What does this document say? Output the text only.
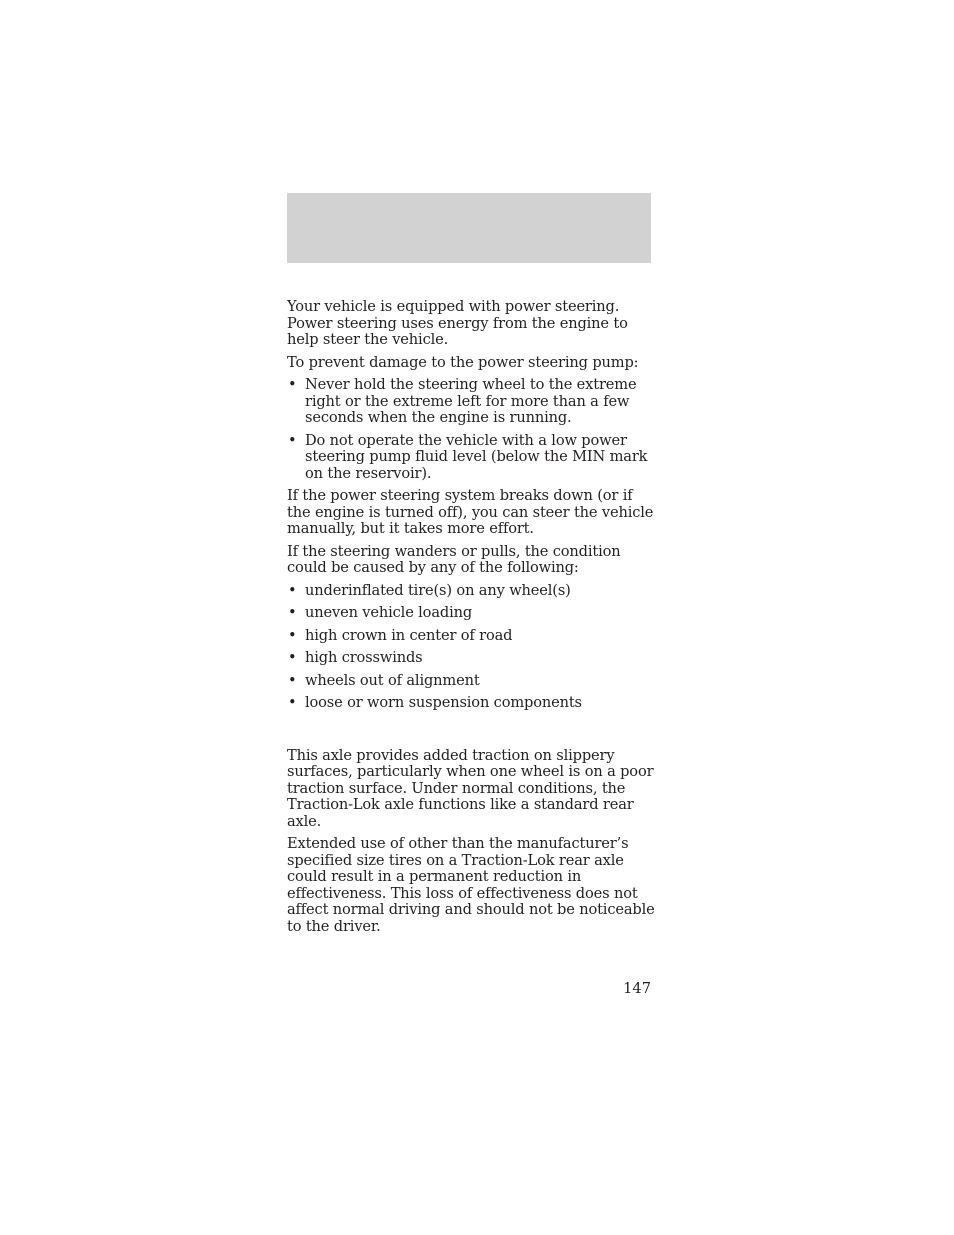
Your vehicle is equipped with power steering. Power steering uses energy from the engine to help steer the vehicle.

To prevent damage to the power steering pump:

• Never hold the steering wheel to the extreme right or the extreme left for more than a few seconds when the engine is running.
• Do not operate the vehicle with a low power steering pump fluid level (below the MIN mark on the reservoir).

If the power steering system breaks down (or if the engine is turned off), you can steer the vehicle manually, but it takes more effort.

If the steering wanders or pulls, the condition could be caused by any of the following:

• underinflated tire(s) on any wheel(s)
• uneven vehicle loading
• high crown in center of road
• high crosswinds
• wheels out of alignment
• loose or worn suspension components

This axle provides added traction on slippery surfaces, particularly when one wheel is on a poor traction surface. Under normal conditions, the Traction-Lok axle functions like a standard rear axle.

Extended use of other than the manufacturer’s specified size tires on a Traction-Lok rear axle could result in a permanent reduction in effectiveness. This loss of effectiveness does not affect normal driving and should not be noticeable to the driver.

147
